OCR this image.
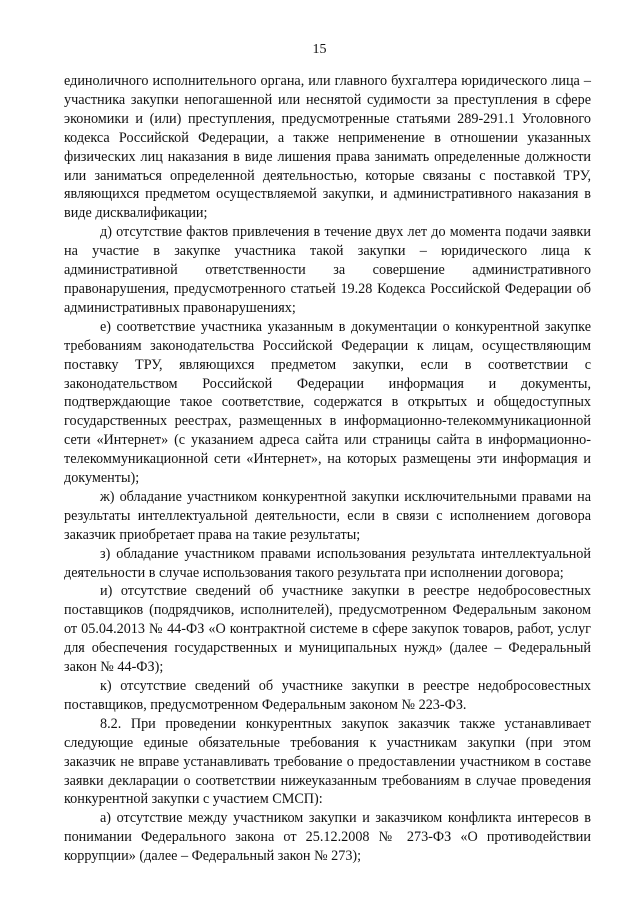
15

единоличного исполнительного органа, или главного бухгалтера юридического лица – участника закупки непогашенной или неснятой судимости за преступления в сфере экономики и (или) преступления, предусмотренные статьями 289-291.1 Уголовного кодекса Российской Федерации, а также неприменение в отношении указанных физических лиц наказания в виде лишения права занимать определенные должности или заниматься определенной деятельностью, которые связаны с поставкой ТРУ, являющихся предметом осуществляемой закупки, и административного наказания в виде дисквалификации;

д) отсутствие фактов привлечения в течение двух лет до момента подачи заявки на участие в закупке участника такой закупки – юридического лица к административной ответственности за совершение административного правонарушения, предусмотренного статьей 19.28 Кодекса Российской Федерации об административных правонарушениях;

е) соответствие участника указанным в документации о конкурентной закупке требованиям законодательства Российской Федерации к лицам, осуществляющим поставку ТРУ, являющихся предметом закупки, если в соответствии с законодательством Российской Федерации информация и документы, подтверждающие такое соответствие, содержатся в открытых и общедоступных государственных реестрах, размещенных в информационно-телекоммуникационной сети «Интернет» (с указанием адреса сайта или страницы сайта в информационно-телекоммуникационной сети «Интернет», на которых размещены эти информация и документы);

ж) обладание участником конкурентной закупки исключительными правами на результаты интеллектуальной деятельности, если в связи с исполнением договора заказчик приобретает права на такие результаты;

з) обладание участником правами использования результата интеллектуальной деятельности в случае использования такого результата при исполнении договора;

и) отсутствие сведений об участнике закупки в реестре недобросовестных поставщиков (подрядчиков, исполнителей), предусмотренном Федеральным законом от 05.04.2013 № 44-ФЗ «О контрактной системе в сфере закупок товаров, работ, услуг для обеспечения государственных и муниципальных нужд» (далее – Федеральный закон № 44-ФЗ);

к) отсутствие сведений об участнике закупки в реестре недобросовестных поставщиков, предусмотренном Федеральным законом № 223-ФЗ.

8.2. При проведении конкурентных закупок заказчик также устанавливает следующие единые обязательные требования к участникам закупки (при этом заказчик не вправе устанавливать требование о предоставлении участником в составе заявки декларации о соответствии нижеуказанным требованиям в случае проведения конкурентной закупки с участием СМСП):

а) отсутствие между участником закупки и заказчиком конфликта интересов в понимании Федерального закона от 25.12.2008 № 273-ФЗ «О противодействии коррупции» (далее – Федеральный закон № 273);
